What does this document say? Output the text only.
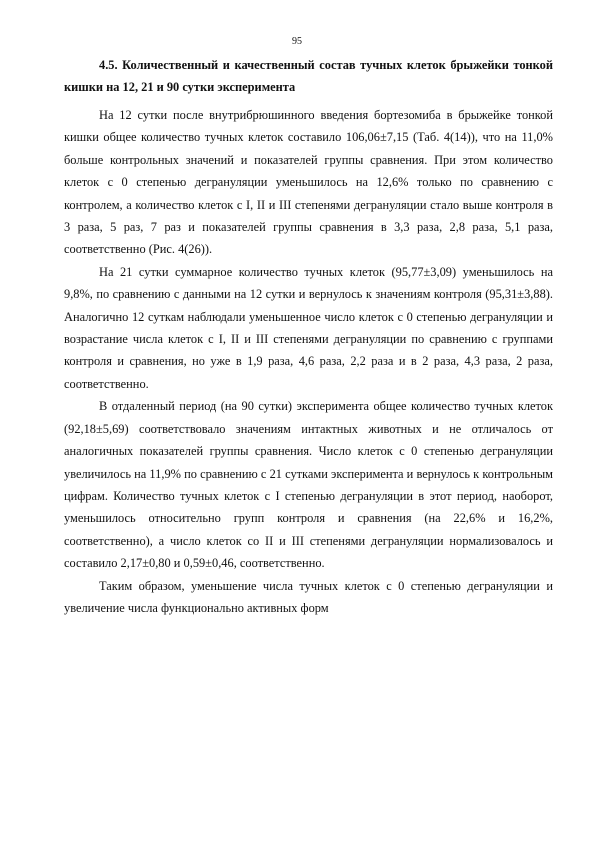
95

4.5. Количественный и качественный состав тучных клеток брыжейки тонкой кишки на 12, 21 и 90 сутки эксперимента

На 12 сутки после внутрибрюшинного введения бортезомиба в брыжейке тонкой кишки общее количество тучных клеток составило 106,06±7,15 (Таб. 4(14)), что на 11,0% больше контрольных значений и показателей группы сравнения. При этом количество клеток с 0 степенью дегрануляции уменьшилось на 12,6% только по сравнению с контролем, а количество клеток с I, II и III степенями дегрануляции стало выше контроля в 3 раза, 5 раз, 7 раз и показателей группы сравнения в 3,3 раза, 2,8 раза, 5,1 раза, соответственно (Рис. 4(26)).

На 21 сутки суммарное количество тучных клеток (95,77±3,09) уменьшилось на 9,8%, по сравнению с данными на 12 сутки и вернулось к значениям контроля (95,31±3,88). Аналогично 12 суткам наблюдали уменьшенное число клеток с 0 степенью дегрануляции и возрастание числа клеток с I, II и III степенями дегрануляции по сравнению с группами контроля и сравнения, но уже в 1,9 раза, 4,6 раза, 2,2 раза и в 2 раза, 4,3 раза, 2 раза, соответственно.

В отдаленный период (на 90 сутки) эксперимента общее количество тучных клеток (92,18±5,69) соответствовало значениям интактных животных и не отличалось от аналогичных показателей группы сравнения. Число клеток с 0 степенью дегрануляции увеличилось на 11,9% по сравнению с 21 сутками эксперимента и вернулось к контрольным цифрам. Количество тучных клеток с I степенью дегрануляции в этот период, наоборот, уменьшилось относительно групп контроля и сравнения (на 22,6% и 16,2%, соответственно), а число клеток со II и III степенями дегрануляции нормализовалось и составило 2,17±0,80 и 0,59±0,46, соответственно.

Таким образом, уменьшение числа тучных клеток с 0 степенью дегрануляции и увеличение числа функционально активных форм
